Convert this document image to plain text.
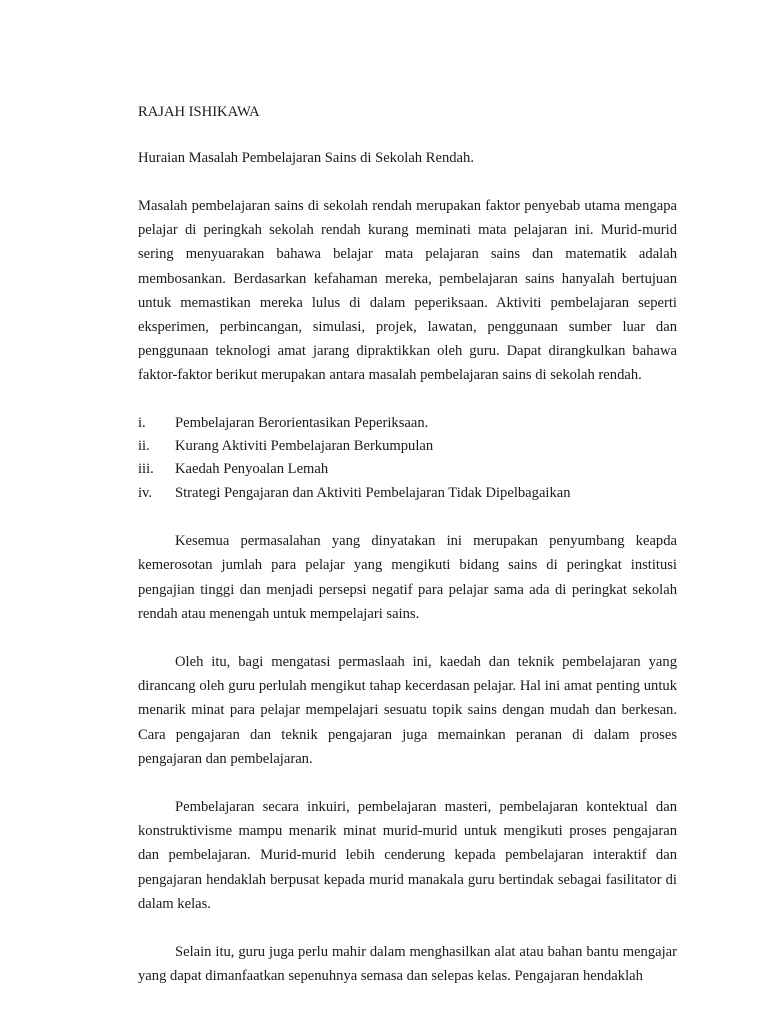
RAJAH ISHIKAWA
Huraian Masalah Pembelajaran Sains di Sekolah Rendah.

Masalah pembelajaran sains di sekolah rendah merupakan faktor penyebab utama mengapa pelajar di peringkah sekolah rendah kurang meminati mata pelajaran ini. Murid-murid sering menyuarakan bahawa belajar mata pelajaran sains dan matematik adalah membosankan. Berdasarkan kefahaman mereka, pembelajaran sains hanyalah bertujuan untuk memastikan mereka lulus di dalam peperiksaan. Aktiviti pembelajaran seperti eksperimen, perbincangan, simulasi, projek, lawatan, penggunaan sumber luar dan penggunaan teknologi amat jarang dipraktikkan oleh guru. Dapat dirangkulkan bahawa faktor-faktor berikut merupakan antara masalah pembelajaran sains di sekolah rendah.

i.	Pembelajaran Berorientasikan Peperiksaan.
ii.	Kurang Aktiviti Pembelajaran Berkumpulan
iii.	Kaedah Penyoalan Lemah
iv.	Strategi Pengajaran dan Aktiviti Pembelajaran Tidak Dipelbagaikan

Kesemua permasalahan yang dinyatakan ini merupakan penyumbang keapda kemerosotan jumlah para pelajar yang mengikuti bidang sains di peringkat institusi pengajian tinggi dan menjadi persepsi negatif para pelajar sama ada di peringkat sekolah rendah atau menengah untuk mempelajari sains.

Oleh itu, bagi mengatasi permaslaah ini, kaedah dan teknik pembelajaran yang dirancang oleh guru perlulah mengikut tahap kecerdasan pelajar. Hal ini amat penting untuk menarik minat para pelajar mempelajari sesuatu topik sains dengan mudah dan berkesan. Cara pengajaran dan teknik pengajaran juga memainkan peranan di dalam proses pengajaran dan pembelajaran.

Pembelajaran secara inkuiri, pembelajaran masteri, pembelajaran kontektual dan konstruktivisme mampu menarik minat murid-murid untuk mengikuti proses pengajaran dan pembelajaran. Murid-murid lebih cenderung kepada pembelajaran interaktif dan pengajaran hendaklah berpusat kepada murid manakala guru bertindak sebagai fasilitator di dalam kelas.

Selain itu, guru juga perlu mahir dalam menghasilkan alat atau bahan bantu mengajar yang dapat dimanfaatkan sepenuhnya semasa dan selepas kelas. Pengajaran hendaklah
